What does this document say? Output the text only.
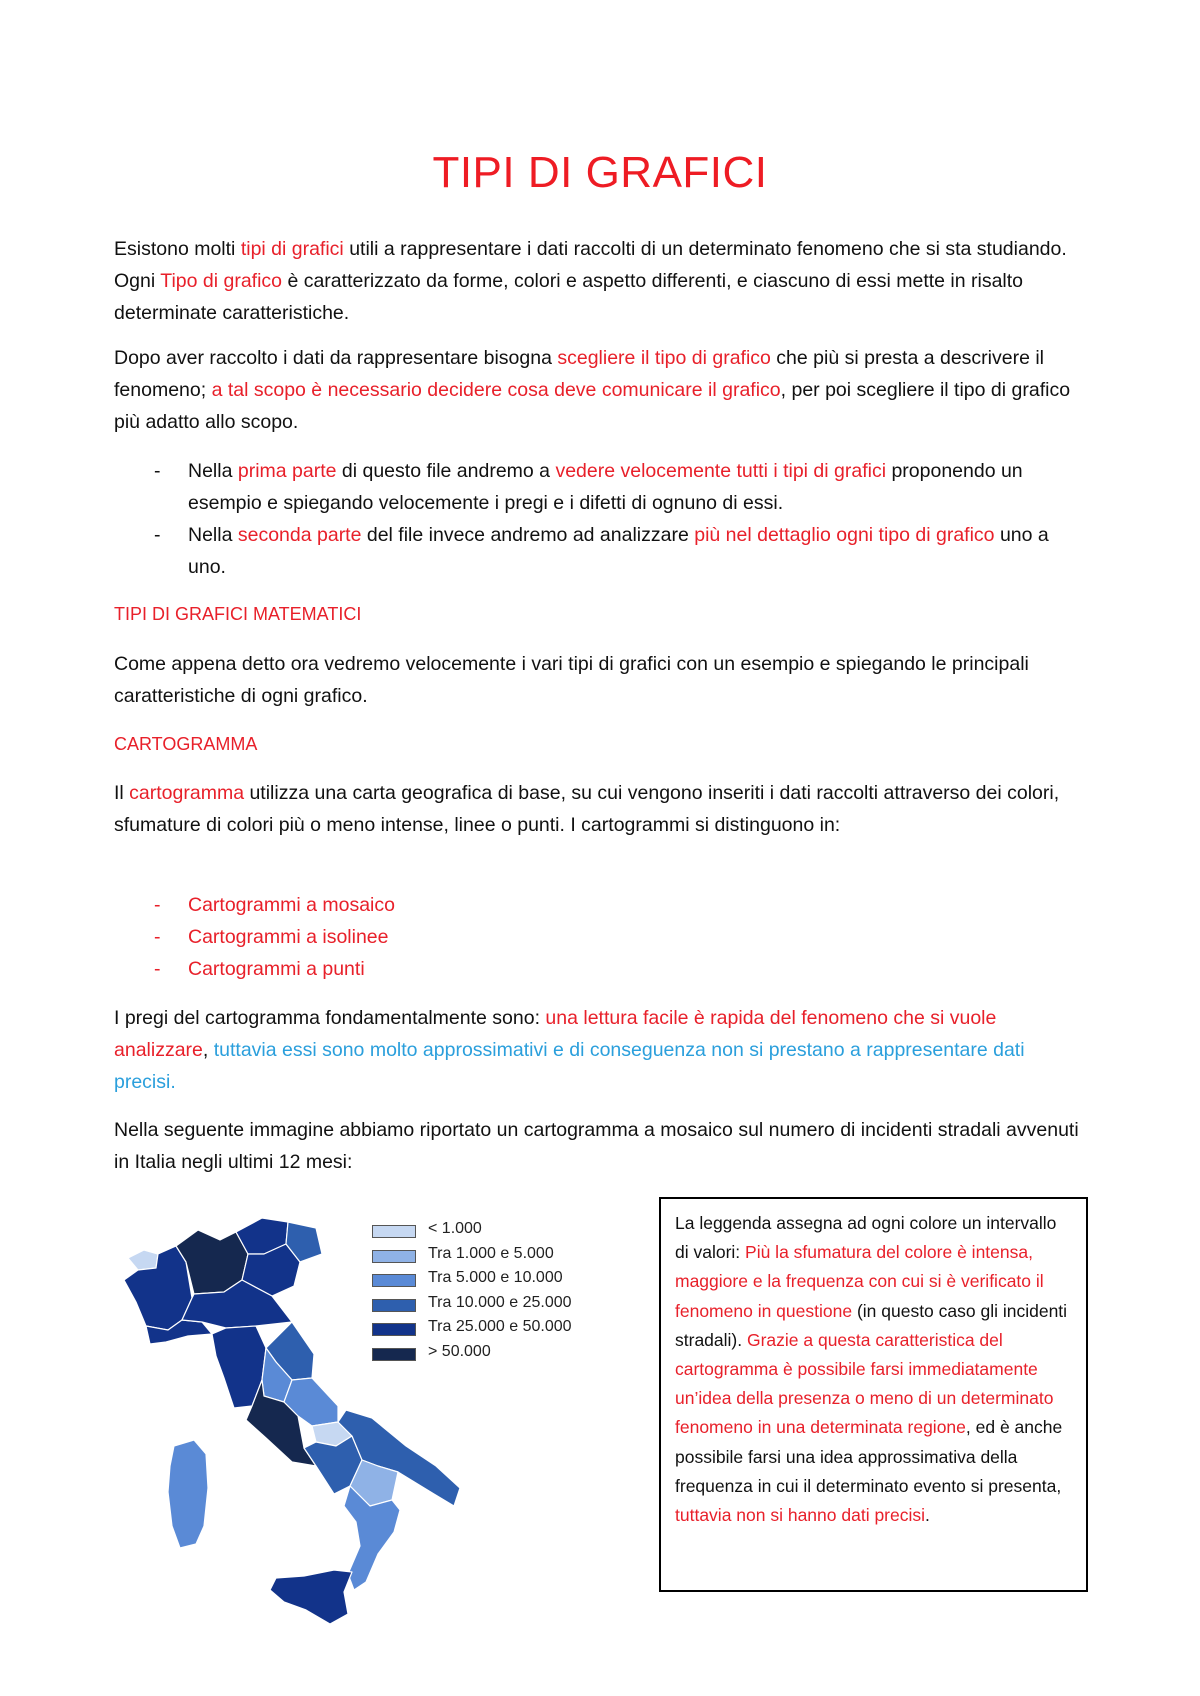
TIPI DI GRAFICI
Esistono molti tipi di grafici utili a rappresentare i dati raccolti di un determinato fenomeno che si sta studiando. Ogni Tipo di grafico è caratterizzato da forme, colori e aspetto differenti, e ciascuno di essi mette in risalto determinate caratteristiche.
Dopo aver raccolto i dati da rappresentare bisogna scegliere il tipo di grafico che più si presta a descrivere il fenomeno; a tal scopo è necessario decidere cosa deve comunicare il grafico, per poi scegliere il tipo di grafico più adatto allo scopo.
- Nella prima parte di questo file andremo a vedere velocemente tutti i tipi di grafici proponendo un esempio e spiegando velocemente i pregi e i difetti di ognuno di essi.
- Nella seconda parte del file invece andremo ad analizzare più nel dettaglio ogni tipo di grafico uno a uno.
TIPI DI GRAFICI MATEMATICI
Come appena detto ora vedremo velocemente i vari tipi di grafici con un esempio e spiegando le principali caratteristiche di ogni grafico.
CARTOGRAMMA
Il cartogramma utilizza una carta geografica di base, su cui vengono inseriti i dati raccolti attraverso dei colori, sfumature di colori più o meno intense, linee o punti. I cartogrammi si distinguono in:
- Cartogrammi a mosaico
- Cartogrammi a isolinee
- Cartogrammi a punti
I pregi del cartogramma fondamentalmente sono: una lettura facile è rapida del fenomeno che si vuole analizzare, tuttavia essi sono molto approssimativi e di conseguenza non si prestano a rappresentare dati precisi.
Nella seguente immagine abbiamo riportato un cartogramma a mosaico sul numero di incidenti stradali avvenuti in Italia negli ultimi 12 mesi:
< 1.000
Tra 1.000 e 5.000
Tra 5.000 e 10.000
Tra 10.000 e 25.000
Tra 25.000 e 50.000
> 50.000
La leggenda assegna ad ogni colore un intervallo di valori: Più la sfumatura del colore è intensa, maggiore e la frequenza con cui si è verificato il fenomeno in questione (in questo caso gli incidenti stradali). Grazie a questa caratteristica del cartogramma è possibile farsi immediatamente un’idea della presenza o meno di un determinato fenomeno in una determinata regione, ed è anche possibile farsi una idea approssimativa della frequenza in cui il determinato evento si presenta, tuttavia non si hanno dati precisi.
